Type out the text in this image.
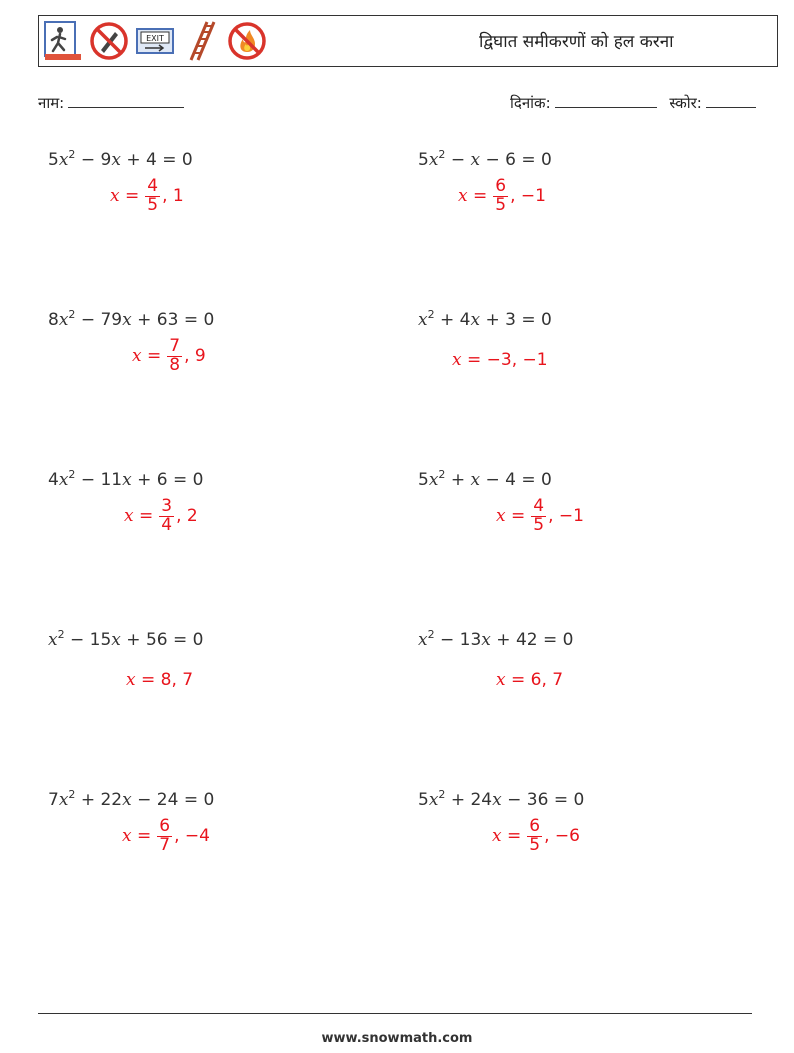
EXIT	द्विघात समीकरणों को हल करना
नाम:	दिनांक:	स्कोर:
$5x^2 - 9x + 4 = 0$
$x = \frac{4}{5}$ , 1
$5x^2 - x - 6 = 0$
$x = \frac{6}{5}$ , −1
$8x^2 - 79x + 63 = 0$
$x = \frac{7}{8}$ , 9
$x^2 + 4x + 3 = 0$
x = −3, −1
$4x^2 - 11x + 6 = 0$
$x = \frac{3}{4}$ , 2
$5x^2 + x - 4 = 0$
$x = \frac{4}{5}$ , −1
$x^2 - 15x + 56 = 0$
x = 8, 7
$x^2 - 13x + 42 = 0$
x = 6, 7
$7x^2 + 22x - 24 = 0$
$x = \frac{6}{7}$ , −4
$5x^2 + 24x - 36 = 0$
$x = \frac{6}{5}$ , −6
www.snowmath.com
